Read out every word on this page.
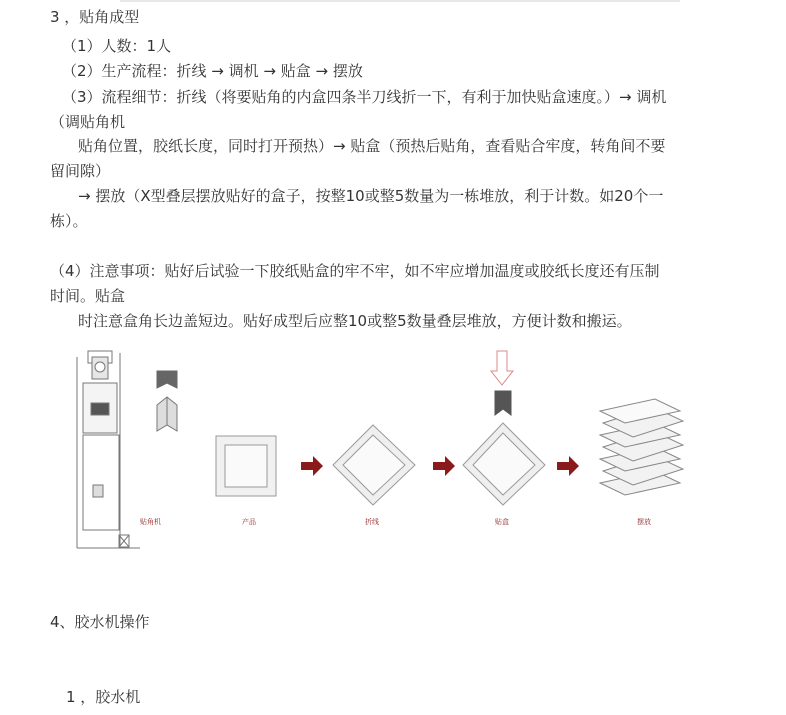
3 ，贴角成型
（1）人数：1人
（2）生产流程：折线 → 调机 → 贴盒 → 摆放
（3）流程细节：折线（将要贴角的内盒四条半刀线折一下，有利于加快贴盒速度。）→ 调机
（调贴角机
贴角位置，胶纸长度，同时打开预热）→ 贴盒（预热后贴角，查看贴合牢度，转角间不要
留间隙）
→ 摆放（X型叠层摆放贴好的盒子，按整10或整5数量为一栋堆放，利于计数。如20个一
栋）。
（4）注意事项：贴好后试验一下胶纸贴盒的牢不牢，如不牢应增加温度或胶纸长度还有压制
时间。贴盒
时注意盒角长边盖短边。贴好成型后应整10或整5数量叠层堆放，方便计数和搬运。
贴角机	产品	折线	贴盒	摆放
4、胶水机操作
1 ，胶水机
